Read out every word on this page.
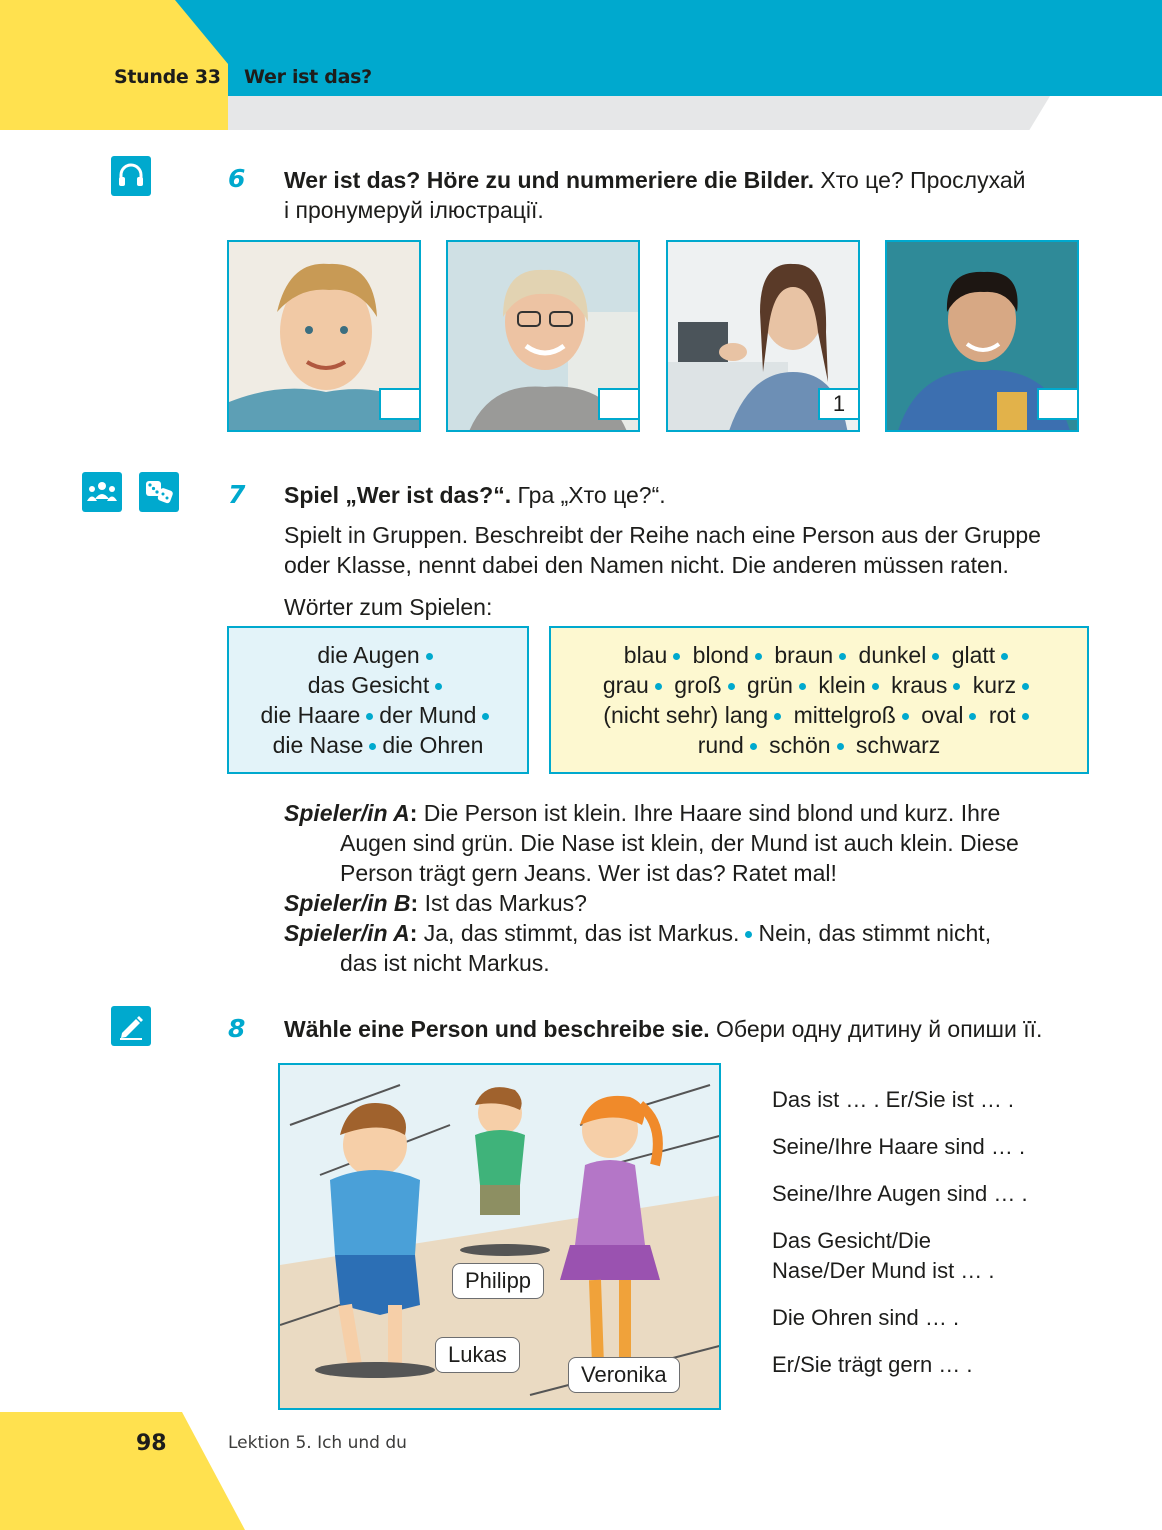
Stunde 33 Wer ist das?
6 Wer ist das? Höre zu und nummeriere die Bilder. Хто це? Прослухай
і пронумеруй ілюстрації.
1
7 Spiel „Wer ist das?“. Гра „Хто це?“.
Spielt in Gruppen. Beschreibt der Reihe nach eine Person aus der Gruppe
oder Klasse, nennt dabei den Namen nicht. Die anderen müssen raten.
Wörter zum Spielen:
die Augen
das Gesicht
die Haare der Mund
die Nase die Ohren
blau blond braun dunkel glatt
grau groß grün klein kraus kurz
(nicht sehr) lang mittelgroß oval rot
rund schön schwarz
Spieler/in A: Die Person ist klein. Ihre Haare sind blond und kurz. Ihre
Augen sind grün. Die Nase ist klein, der Mund ist auch klein. Diese
Person trägt gern Jeans. Wer ist das? Ratet mal!
Spieler/in B: Ist das Markus?
Spieler/in A: Ja, das stimmt, das ist Markus. Nein, das stimmt nicht,
das ist nicht Markus.
8 Wähle eine Person und beschreibe sie. Обери одну дитину й опиши її.
Philipp
Lukas
Veronika
Das ist … . Er/Sie ist … .
Seine/Ihre Haare sind … .
Seine/Ihre Augen sind … .
Das Gesicht/Die
Nase/Der Mund ist … .
Die Ohren sind … .
Er/Sie trägt gern … .
98	Lektion 5. Ich und du
